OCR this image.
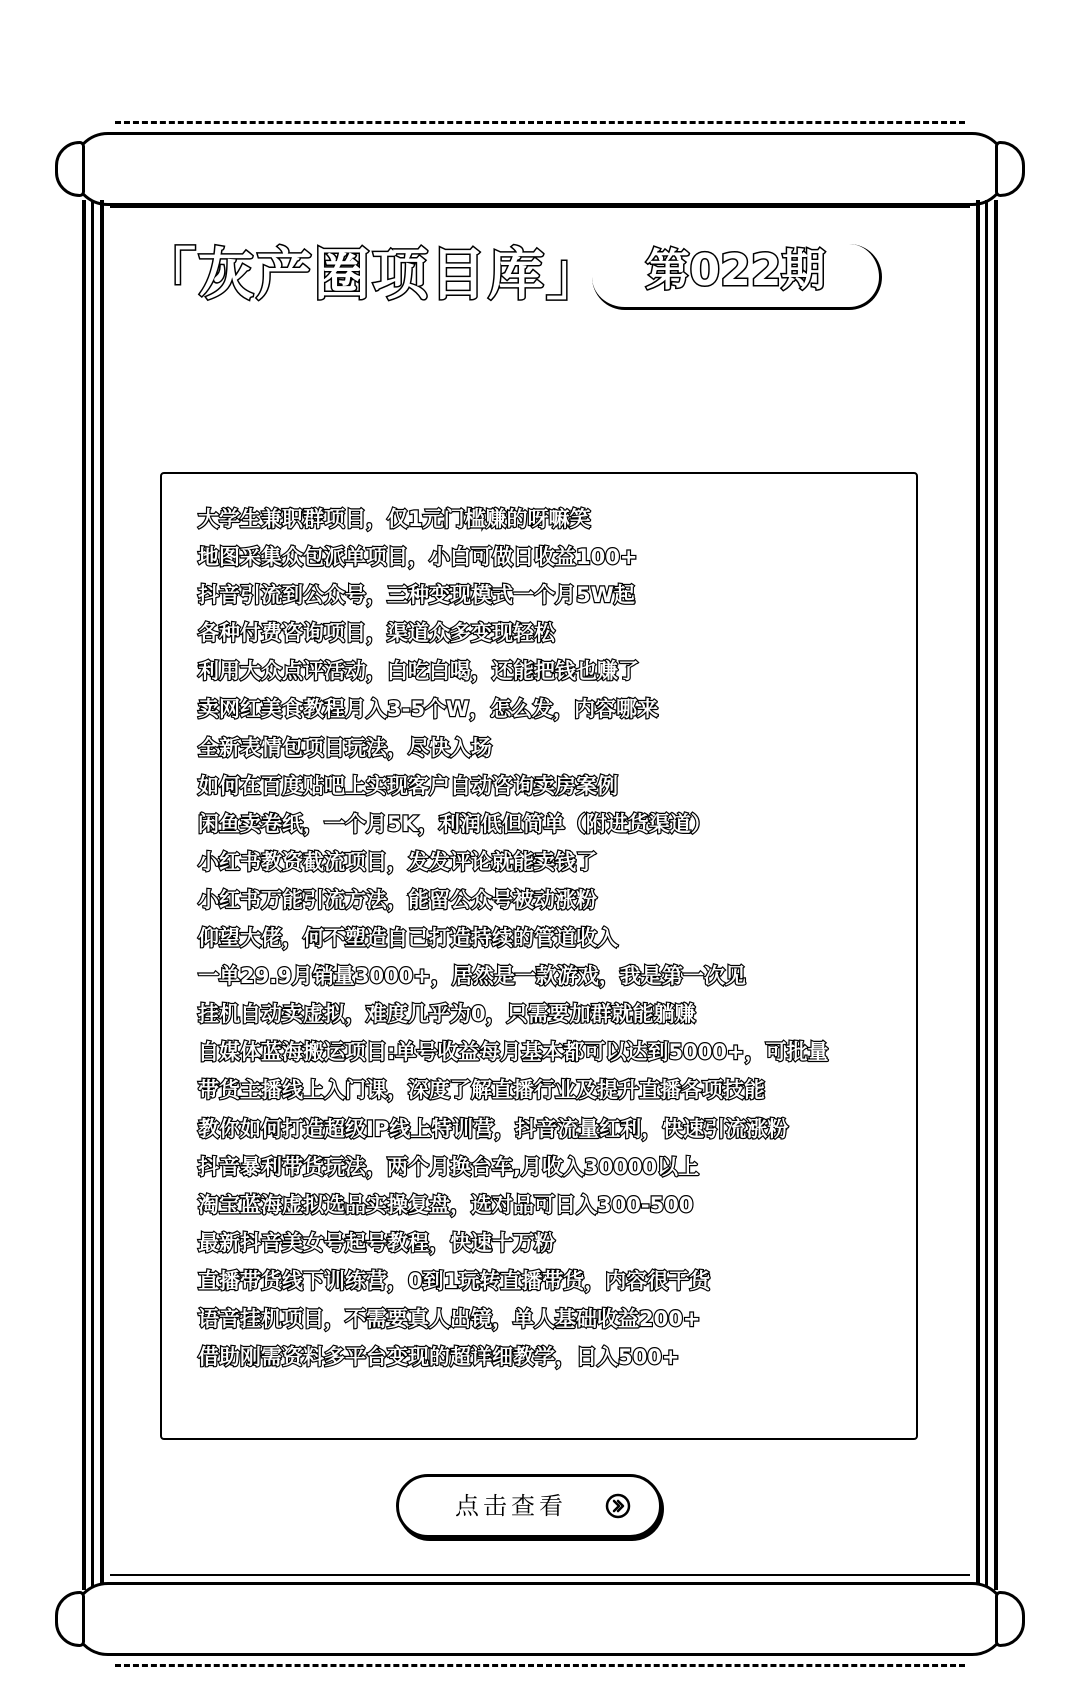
「灰产圈项目库」 第022期
大学生兼职群项目，仅1元门槛赚的呀嘛笑
地图采集众包派单项目，小白可做日收益100+
抖音引流到公众号，三种变现模式一个月5W起
各种付费咨询项目，渠道众多变现轻松
利用大众点评活动，白吃白喝，还能把钱也赚了
卖网红美食教程月入3-5个W，怎么发，内容哪来
全新表情包项目玩法，尽快入场
如何在百度贴吧上实现客户自动咨询卖房案例
闲鱼卖卷纸，一个月5K，利润低但简单（附进货渠道）
小红书教资截流项目，发发评论就能卖钱了
小红书万能引流方法，能留公众号被动涨粉
仰望大佬，何不塑造自己打造持续的管道收入
一单29.9月销量3000+，居然是一款游戏，我是第一次见
挂机自动卖虚拟，难度几乎为0，只需要加群就能躺赚
自媒体蓝海搬运项目:单号收益每月基本都可以达到5000+，可批量
带货主播线上入门课，深度了解直播行业及提升直播各项技能
教你如何打造超级IP线上特训营，抖音流量红利，快速引流涨粉
抖音暴利带货玩法，两个月换台车,月收入30000以上
淘宝蓝海虚拟选品实操复盘，选对品可日入300-500
最新抖音美女号起号教程，快速十万粉
直播带货线下训练营，0到1玩转直播带货，内容很干货
语音挂机项目，不需要真人出镜，单人基础收益200+
借助刚需资料多平台变现的超详细教学，日入500+
点击查看
